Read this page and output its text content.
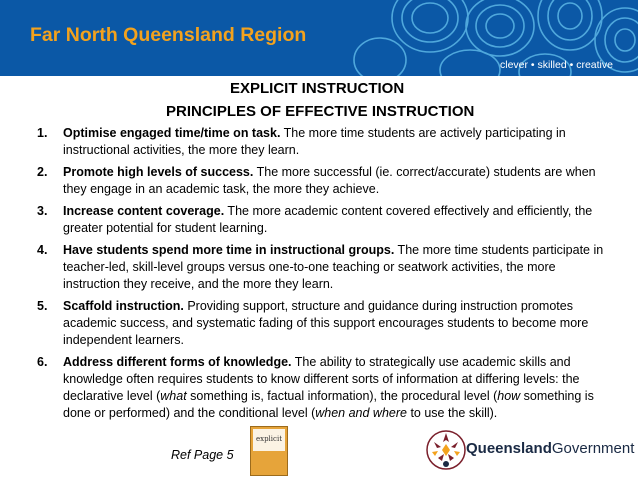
Far North Queensland Region
clever • skilled • creative
EXPLICIT INSTRUCTION
PRINCIPLES OF EFFECTIVE INSTRUCTION
1. Optimise engaged time/time on task. The more time students are actively participating in instructional activities, the more they learn.
2. Promote high levels of success. The more successful (ie. correct/accurate) students are when they engage in an academic task, the more they achieve.
3. Increase content coverage. The more academic content covered effectively and efficiently, the greater potential for student learning.
4. Have students spend more time in instructional groups. The more time students participate in teacher-led, skill-level groups versus one-to-one teaching or seatwork activities, the more instruction they receive, and the more they learn.
5. Scaffold instruction. Providing support, structure and guidance during instruction promotes academic success, and systematic fading of this support encourages students to become more independent learners.
6. Address different forms of knowledge. The ability to strategically use academic skills and knowledge often requires students to know different sorts of information at differing levels: the declarative level (what something is, factual information), the procedural level (how something is done or performed) and the conditional level (when and where to use the skill).
Ref Page 5
explicit
QueenslandGovernment
